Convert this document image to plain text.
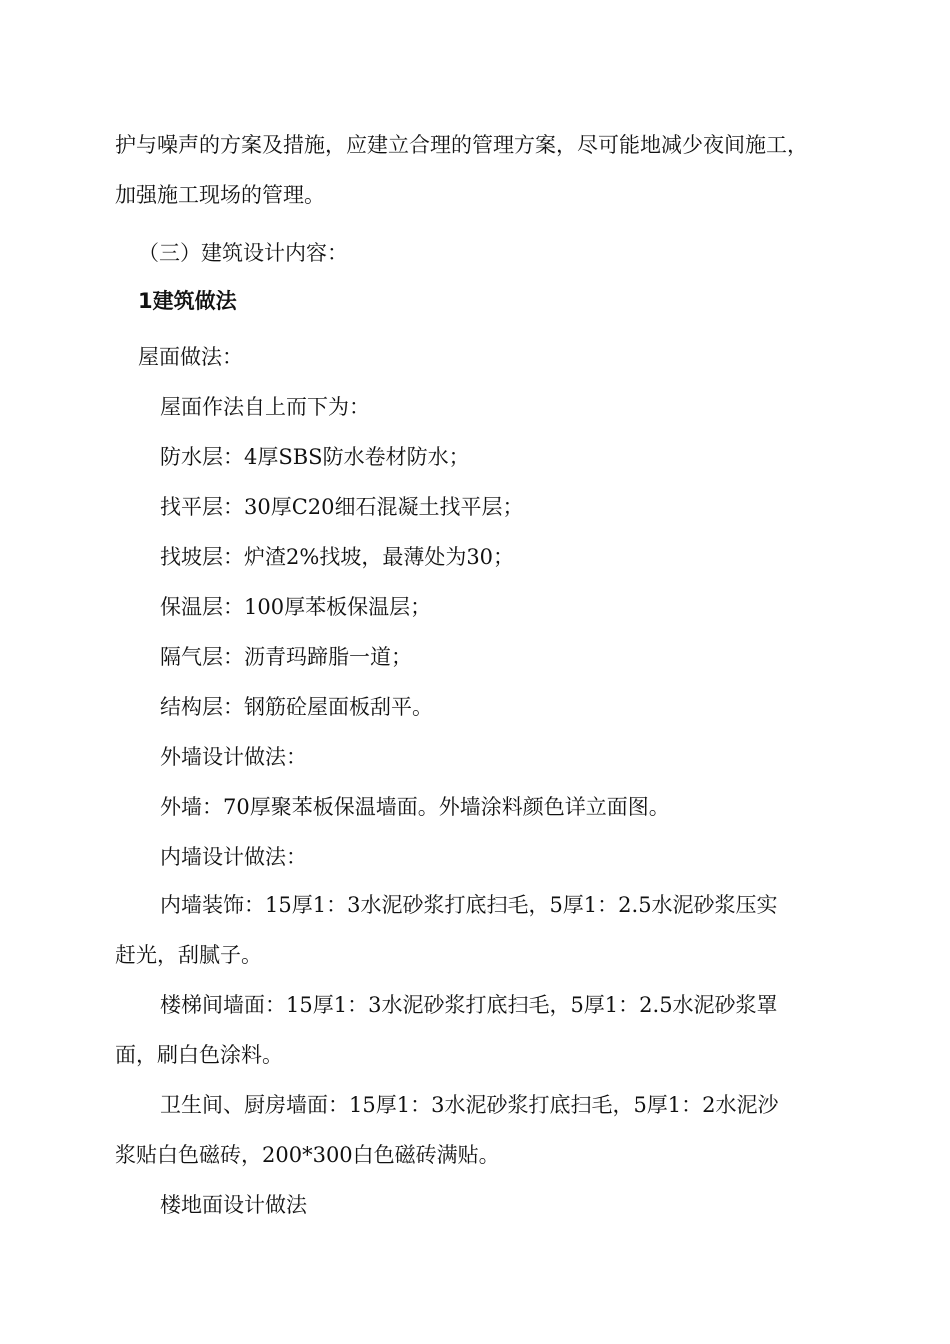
护与噪声的方案及措施，应建立合理的管理方案，尽可能地减少夜间施工，
加强施工现场的管理。
（三）建筑设计内容：
1建筑做法
屋面做法：
屋面作法自上而下为：
防水层：4厚SBS防水卷材防水；
找平层：30厚C20细石混凝土找平层；
找坡层：炉渣2%找坡，最薄处为30；
保温层：100厚苯板保温层；
隔气层：沥青玛蹄脂一道；
结构层：钢筋砼屋面板刮平。
外墙设计做法：
外墙：70厚聚苯板保温墙面。外墙涂料颜色详立面图。
内墙设计做法：
内墙装饰：15厚1：3水泥砂浆打底扫毛，5厚1：2.5水泥砂浆压实
赶光，刮腻子。
楼梯间墙面：15厚1：3水泥砂浆打底扫毛，5厚1：2.5水泥砂浆罩
面，刷白色涂料。
卫生间、厨房墙面：15厚1：3水泥砂浆打底扫毛，5厚1：2水泥沙
浆贴白色磁砖，200*300白色磁砖满贴。
楼地面设计做法
